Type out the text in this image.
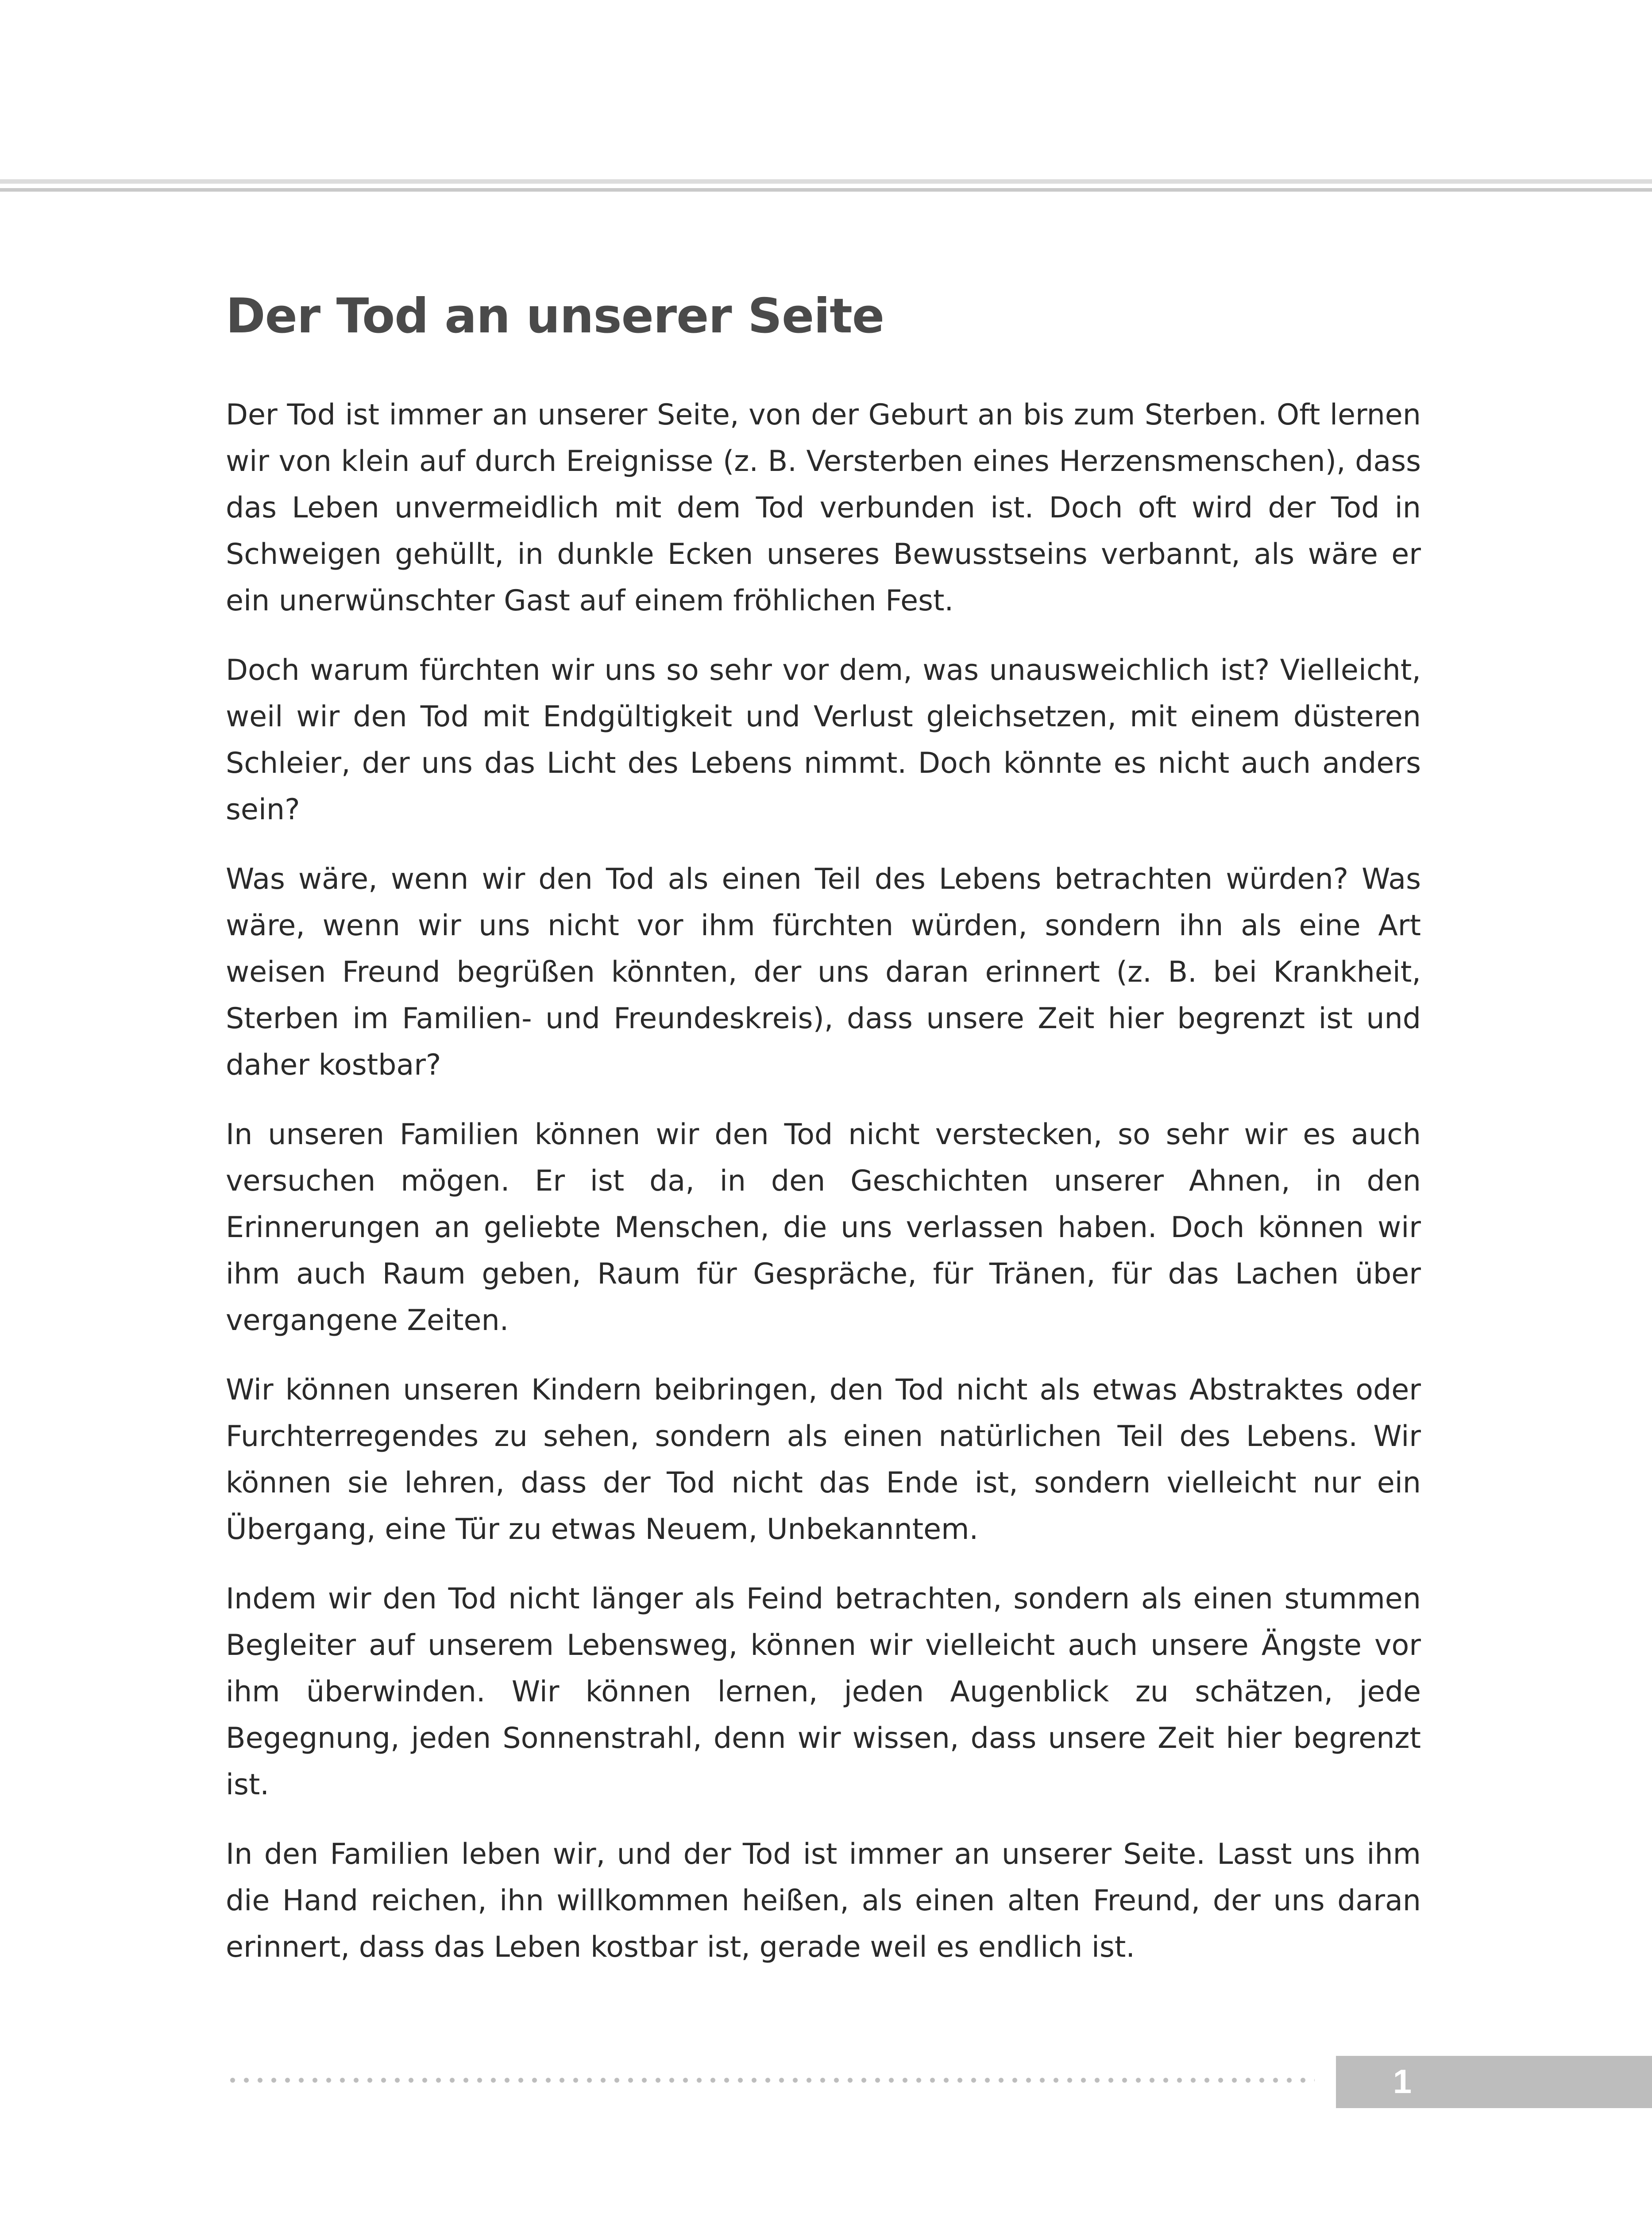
Der Tod an unserer Seite

Der Tod ist immer an unserer Seite, von der Geburt an bis zum Sterben. Oft lernen wir von klein auf durch Ereignisse (z. B. Versterben eines Herzensmenschen), dass das Leben unvermeidlich mit dem Tod verbunden ist. Doch oft wird der Tod in Schweigen gehüllt, in dunkle Ecken unseres Bewusstseins verbannt, als wäre er ein unerwünschter Gast auf einem fröhlichen Fest.

Doch warum fürchten wir uns so sehr vor dem, was unausweichlich ist? Vielleicht, weil wir den Tod mit Endgültigkeit und Verlust gleichsetzen, mit einem düsteren Schleier, der uns das Licht des Lebens nimmt. Doch könnte es nicht auch anders sein?

Was wäre, wenn wir den Tod als einen Teil des Lebens betrachten würden? Was wäre, wenn wir uns nicht vor ihm fürchten würden, sondern ihn als eine Art weisen Freund begrüßen könnten, der uns daran erinnert (z. B. bei Krankheit, Sterben im Familien- und Freundeskreis), dass unsere Zeit hier begrenzt ist und daher kostbar?

In unseren Familien können wir den Tod nicht verstecken, so sehr wir es auch versuchen mögen. Er ist da, in den Geschichten unserer Ahnen, in den Erinnerungen an geliebte Menschen, die uns verlassen haben. Doch können wir ihm auch Raum geben, Raum für Gespräche, für Tränen, für das Lachen über vergangene Zeiten.

Wir können unseren Kindern beibringen, den Tod nicht als etwas Abstraktes oder Furchterregendes zu sehen, sondern als einen natürlichen Teil des Lebens. Wir können sie lehren, dass der Tod nicht das Ende ist, sondern vielleicht nur ein Übergang, eine Tür zu etwas Neuem, Unbekanntem.

Indem wir den Tod nicht länger als Feind betrachten, sondern als einen stummen Begleiter auf unserem Lebensweg, können wir vielleicht auch unsere Ängste vor ihm überwinden. Wir können lernen, jeden Augenblick zu schätzen, jede Begegnung, jeden Sonnenstrahl, denn wir wissen, dass unsere Zeit hier begrenzt ist.

In den Familien leben wir, und der Tod ist immer an unserer Seite. Lasst uns ihm die Hand reichen, ihn willkommen heißen, als einen alten Freund, der uns daran erinnert, dass das Leben kostbar ist, gerade weil es endlich ist.

1
